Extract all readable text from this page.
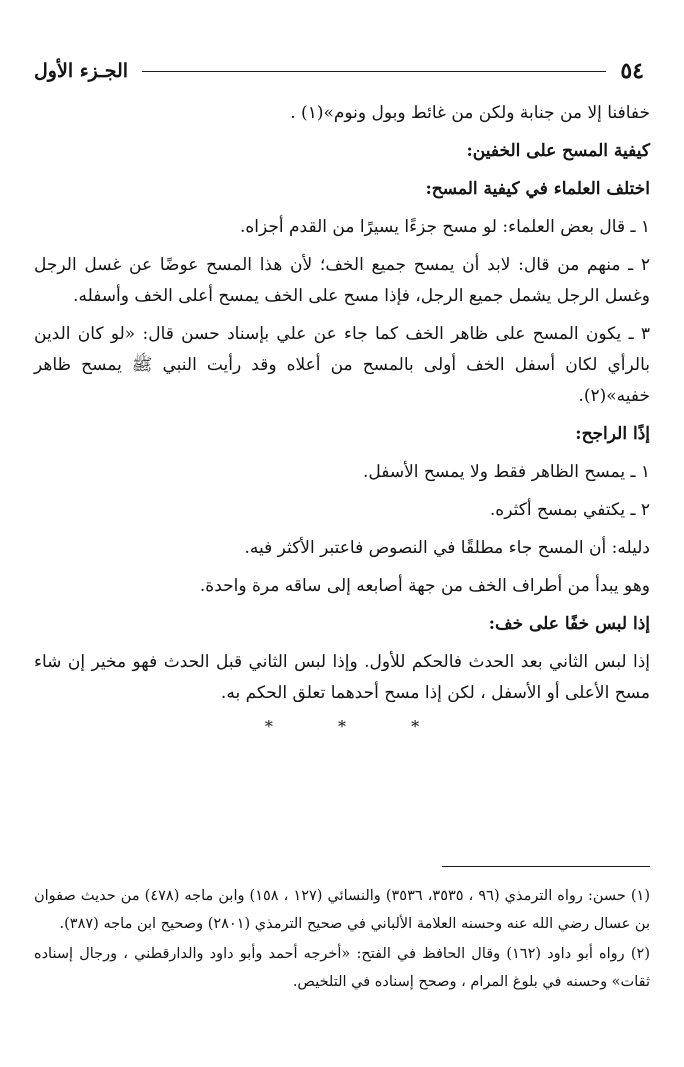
٥٤
الجـزء الأول

خفافنا إلا من جنابة ولكن من غائط وبول ونوم»(١) .

كيفية المسح على الخفين:

اختلف العلماء في كيفية المسح:

١ ـ قال بعض العلماء: لو مسح جزءًا يسيرًا من القدم أجزاه.

٢ ـ منهم من قال: لابد أن يمسح جميع الخف؛ لأن هذا المسح عوضًا عن غسل الرجل وغسل الرجل يشمل جميع الرجل، فإذا مسح على الخف يمسح أعلى الخف وأسفله.

٣ ـ يكون المسح على ظاهر الخف كما جاء عن علي بإسناد حسن قال: «لو كان الدين بالرأي لكان أسفل الخف أولى بالمسح من أعلاه وقد رأيت النبي ﷺ يمسح ظاهر خفيه»(٢).

إذًا الراجح:

١ ـ يمسح الظاهر فقط ولا يمسح الأسفل.

٢ ـ يكتفي بمسح أكثره.

دليله: أن المسح جاء مطلقًا في النصوص فاعتبر الأكثر فيه.

وهو يبدأ من أطراف الخف من جهة أصابعه إلى ساقه مرة واحدة.

إذا لبس خفًا على خف:

إذا لبس الثاني بعد الحدث فالحكم للأول. وإذا لبس الثاني قبل الحدث فهو مخير إن شاء مسح الأعلى أو الأسفل ، لكن إذا مسح أحدهما تعلق الحكم به.

* * *

(١) حسن: رواه الترمذي (٩٦ ، ٣٥٣٥، ٣٥٣٦) والنسائي (١٢٧ ، ١٥٨) وابن ماجه (٤٧٨) من حديث صفوان بن عسال رضي الله عنه وحسنه العلامة الألباني في صحيح الترمذي (٢٨٠١) وصحيح ابن ماجه (٣٨٧).

(٢) رواه أبو داود (١٦٢) وقال الحافظ في الفتح: «أخرجه أحمد وأبو داود والدارقطني ، ورجال إسناده ثقات» وحسنه في بلوغ المرام ، وصحح إسناده في التلخيص.
